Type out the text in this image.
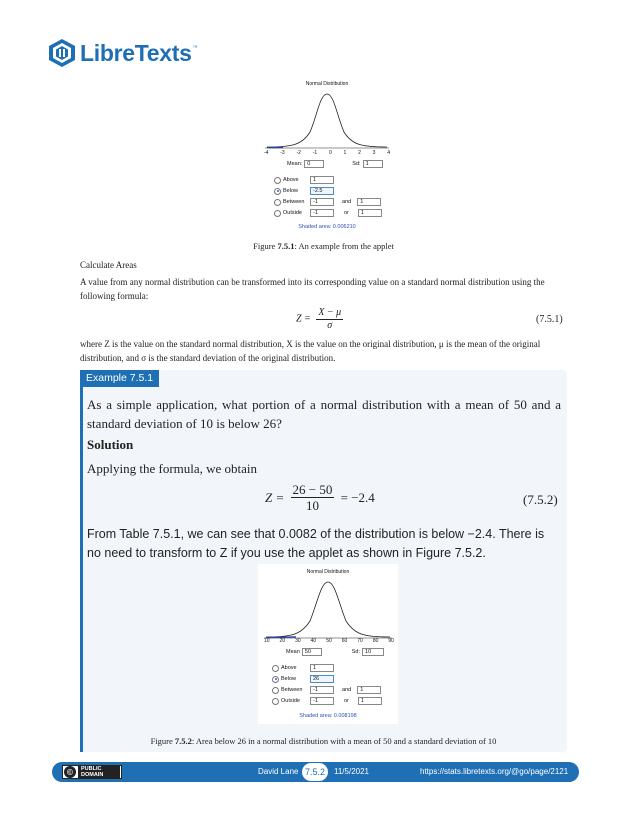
LibreTexts ™
Normal Distribution
-4 -3 -2 -1 0 1 2 3 4
Mean: 0	Sd: 1
Above	1
Below	-2.5
Between	-1	and	1
Outside	-1	or	1
Shaded area: 0.006210
Figure 7.5.1: An example from the applet
Calculate Areas
A value from any normal distribution can be transformed into its corresponding value on a standard normal distribution using the following formula:
$Z = \frac{X - \mu}{\sigma}$	(7.5.1)
where Z is the value on the standard normal distribution, X is the value on the original distribution, μ is the mean of the original distribution, and σ is the standard deviation of the original distribution.
Example 7.5.1
As a simple application, what portion of a normal distribution with a mean of 50 and a standard deviation of 10 is below 26?
Solution
Applying the formula, we obtain
$Z = \frac{26 - 50}{10} = -2.4$	(7.5.2)
From Table 7.5.1, we can see that 0.0082 of the distribution is below −2.4. There is no need to transform to Z if you use the applet as shown in Figure 7.5.2.
Normal Distribution
10 20 30 40 50 60 70 80 90
Mean 50	Sd: 10
Above	1
Below	26
Between	-1	and	1
Outside	-1	or	1
Shaded area: 0.008198
Figure 7.5.2: Area below 26 in a normal distribution with a mean of 50 and a standard deviation of 10
©	PUBLIC
DOMAIN	David Lane 7.5.2	11/5/2021	https://stats.libretexts.org/@go/page/2121
